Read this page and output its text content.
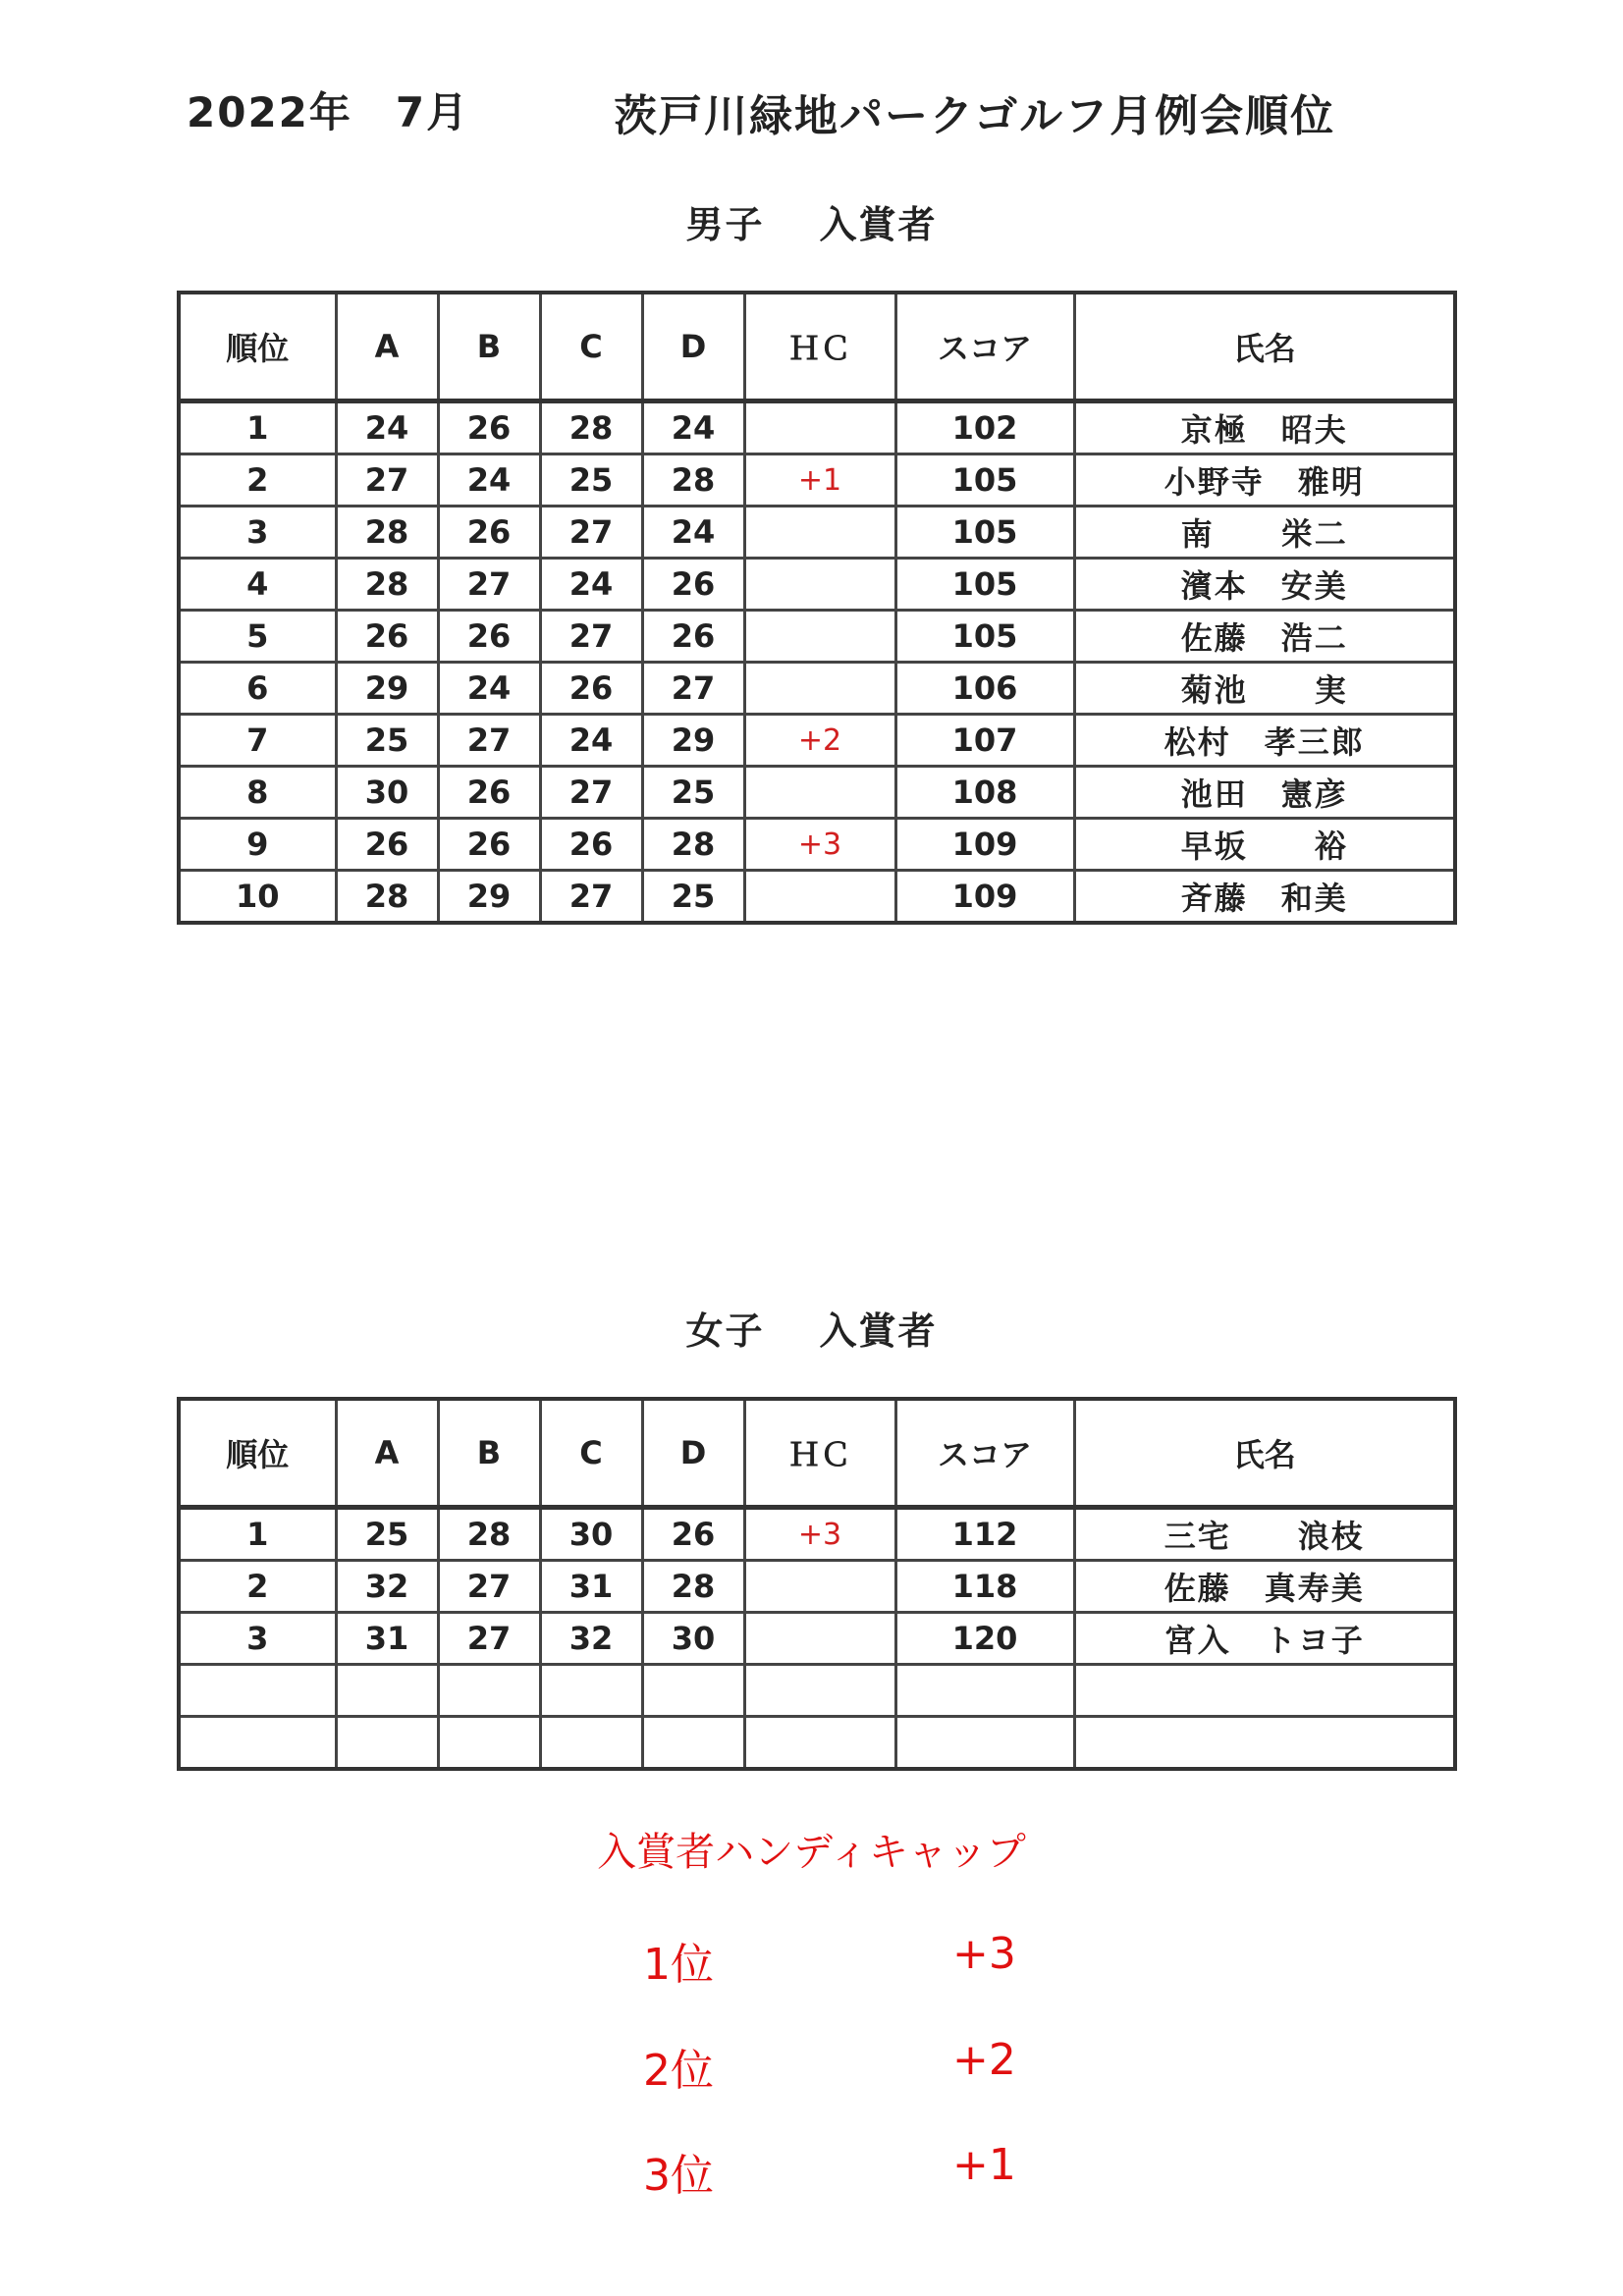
2022年　7月	茨戸川緑地パークゴルフ月例会順位
男子 入賞者
順位	A	B	C	D	ＨＣ	スコア	氏名
1	24	26	28	24		102	京極　昭夫
2	27	24	25	28	+1	105	小野寺　雅明
3	28	26	27	24		105	南　　栄二
4	28	27	24	26		105	濱本　安美
5	26	26	27	26		105	佐藤　浩二
6	29	24	26	27		106	菊池　　実
7	25	27	24	29	+2	107	松村　孝三郎
8	30	26	27	25		108	池田　憲彦
9	26	26	26	28	+3	109	早坂　　裕
10	28	29	27	25		109	斉藤　和美
女子 入賞者
順位	A	B	C	D	ＨＣ	スコア	氏名
1	25	28	30	26	+3	112	三宅　　浪枝
2	32	27	31	28		118	佐藤　真寿美
3	31	27	32	30		120	宮入　トヨ子

入賞者ハンディキャップ
1位	+3
2位	+2
3位	+1
